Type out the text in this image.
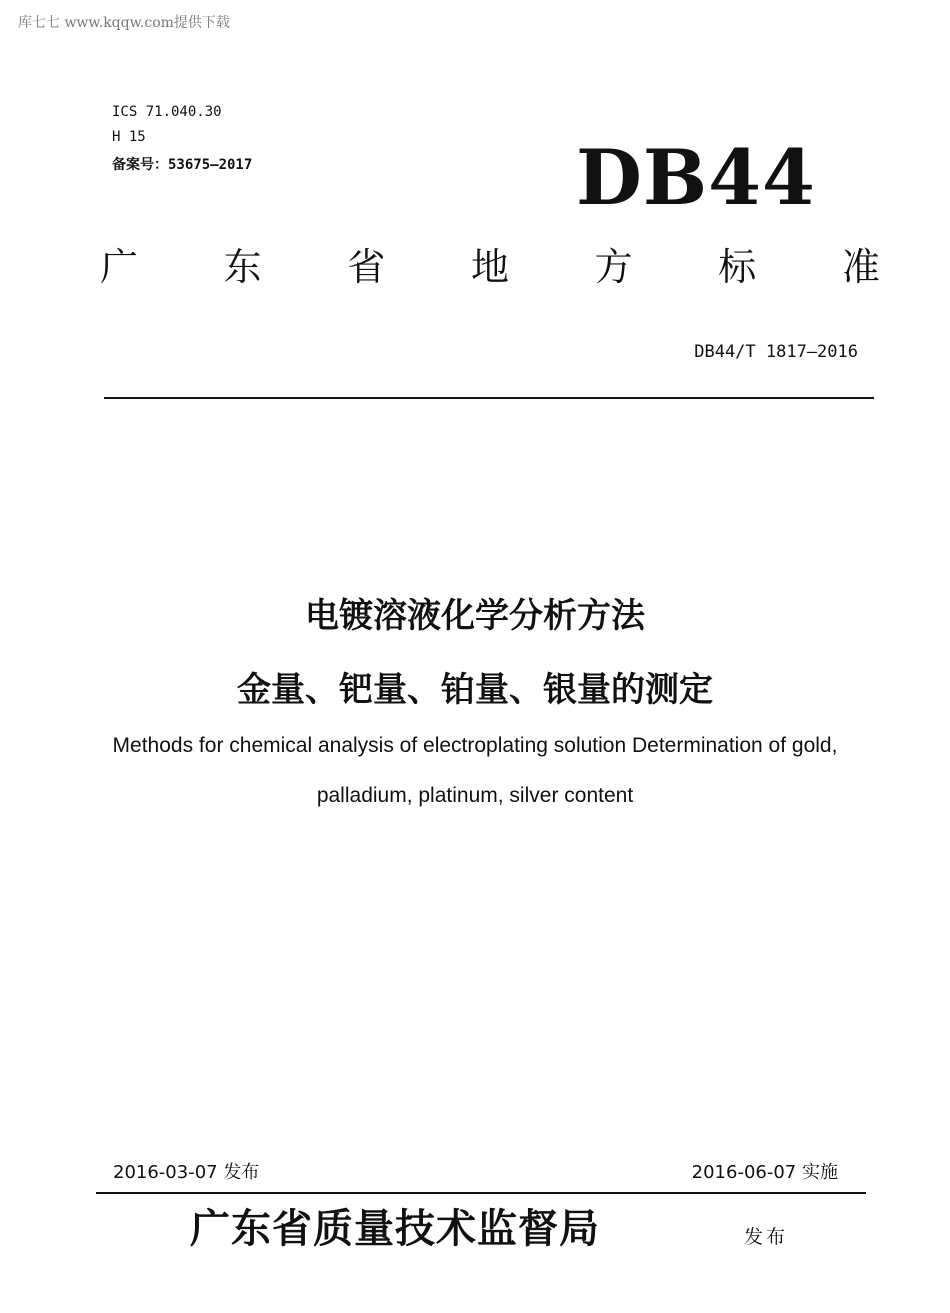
库七七 www.kqqw.com提供下载
ICS 71.040.30
H 15
备案号：53675—2017	DB44
广 东 省 地 方 标 准
DB44/T 1817—2016
电镀溶液化学分析方法
金量、钯量、铂量、银量的测定
Methods for chemical analysis of electroplating solution Determination of gold,
palladium, platinum, silver content
2016-03-07 发布	2016-06-07 实施
广东省质量技术监督局	发布
